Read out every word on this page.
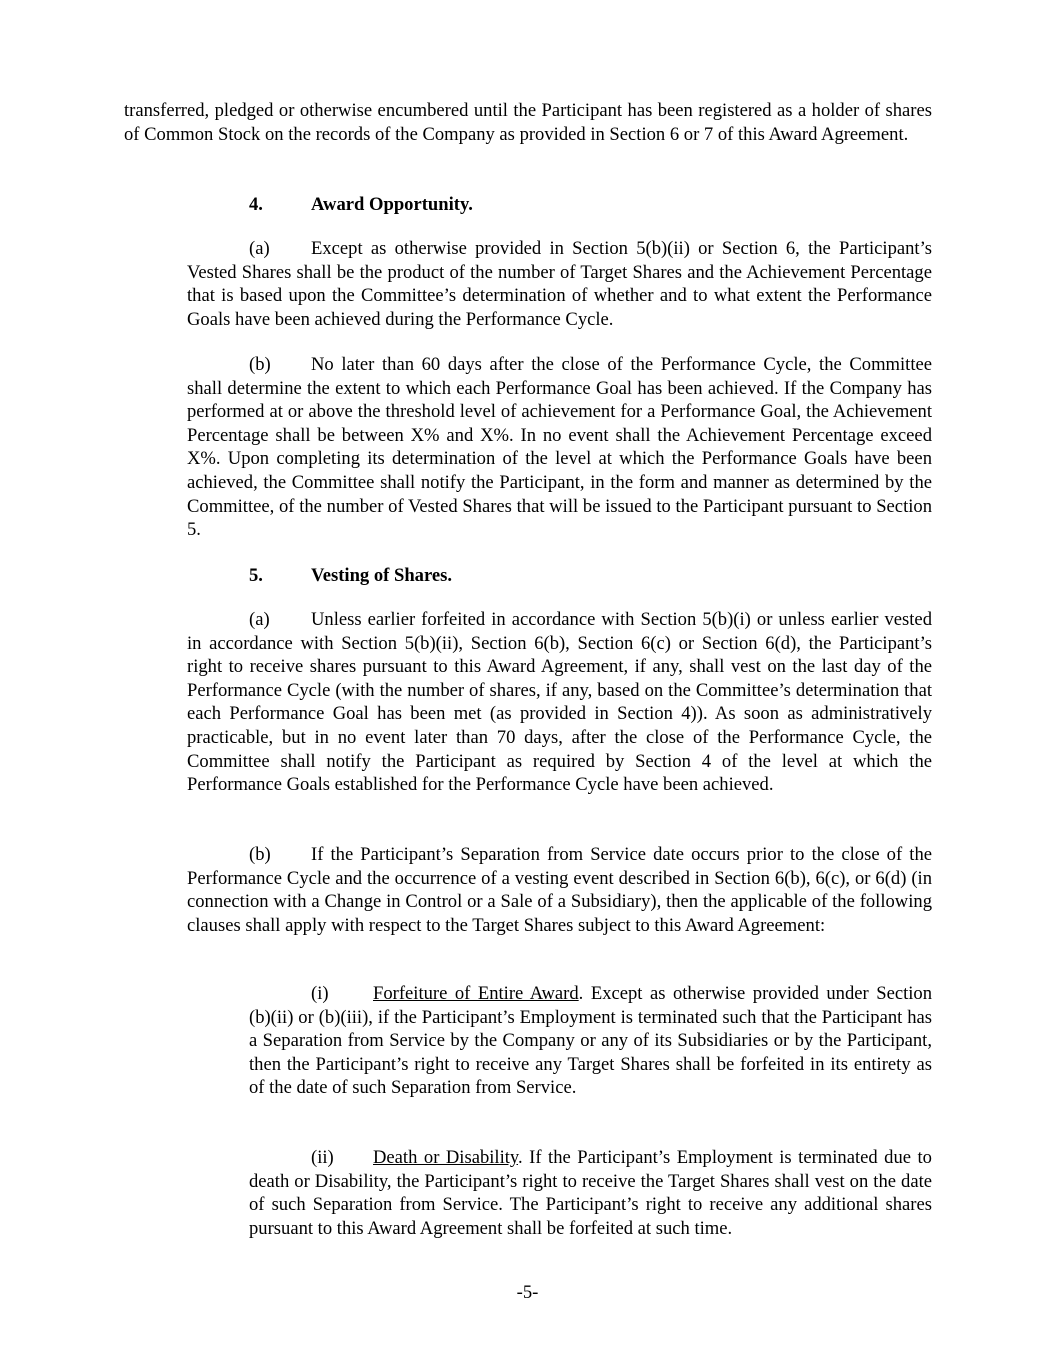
transferred, pledged or otherwise encumbered until the Participant has been registered as a holder of shares of Common Stock on the records of the Company as provided in Section 6 or 7 of this Award Agreement.

4.	Award Opportunity.

(a) Except as otherwise provided in Section 5(b)(ii) or Section 6, the Participant’s Vested Shares shall be the product of the number of Target Shares and the Achievement Percentage that is based upon the Committee’s determination of whether and to what extent the Performance Goals have been achieved during the Performance Cycle.

(b) No later than 60 days after the close of the Performance Cycle, the Committee shall determine the extent to which each Performance Goal has been achieved. If the Company has performed at or above the threshold level of achievement for a Performance Goal, the Achievement Percentage shall be between X% and X%. In no event shall the Achievement Percentage exceed X%. Upon completing its determination of the level at which the Performance Goals have been achieved, the Committee shall notify the Participant, in the form and manner as determined by the Committee, of the number of Vested Shares that will be issued to the Participant pursuant to Section 5.

5.	Vesting of Shares.

(a) Unless earlier forfeited in accordance with Section 5(b)(i) or unless earlier vested in accordance with Section 5(b)(ii), Section 6(b), Section 6(c) or Section 6(d), the Participant’s right to receive shares pursuant to this Award Agreement, if any, shall vest on the last day of the Performance Cycle (with the number of shares, if any, based on the Committee’s determination that each Performance Goal has been met (as provided in Section 4)). As soon as administratively practicable, but in no event later than 70 days, after the close of the Performance Cycle, the Committee shall notify the Participant as required by Section 4 of the level at which the Performance Goals established for the Performance Cycle have been achieved.

(b) If the Participant’s Separation from Service date occurs prior to the close of the Performance Cycle and the occurrence of a vesting event described in Section 6(b), 6(c), or 6(d) (in connection with a Change in Control or a Sale of a Subsidiary), then the applicable of the following clauses shall apply with respect to the Target Shares subject to this Award Agreement:

(i) Forfeiture of Entire Award. Except as otherwise provided under Section (b)(ii) or (b)(iii), if the Participant’s Employment is terminated such that the Participant has a Separation from Service by the Company or any of its Subsidiaries or by the Participant, then the Participant’s right to receive any Target Shares shall be forfeited in its entirety as of the date of such Separation from Service.

(ii) Death or Disability. If the Participant’s Employment is terminated due to death or Disability, the Participant’s right to receive the Target Shares shall vest on the date of such Separation from Service. The Participant’s right to receive any additional shares pursuant to this Award Agreement shall be forfeited at such time.

-5-
